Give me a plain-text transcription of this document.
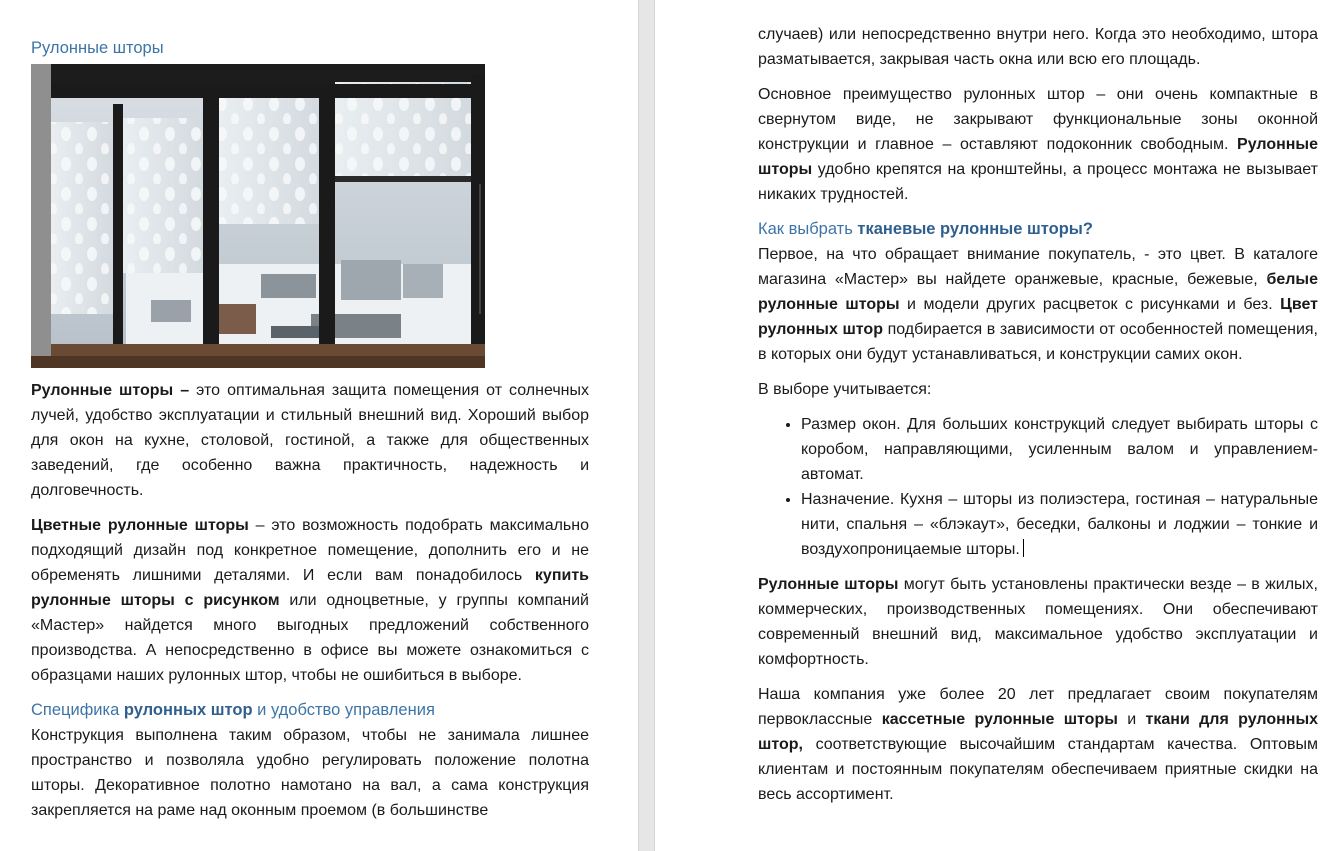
Рулонные шторы

Рулонные шторы – это оптимальная защита помещения от солнечных лучей, удобство эксплуатации и стильный внешний вид. Хороший выбор для окон на кухне, столовой, гостиной, а также для общественных заведений, где особенно важна практичность, надежность и долговечность.

Цветные рулонные шторы – это возможность подобрать максимально подходящий дизайн под конкретное помещение, дополнить его и не обременять лишними деталями. И если вам понадобилось купить рулонные шторы с рисунком или одноцветные, у группы компаний «Мастер» найдется много выгодных предложений собственного производства. А непосредственно в офисе вы можете ознакомиться с образцами наших рулонных штор, чтобы не ошибиться в выборе.

Специфика рулонных штор и удобство управления

Конструкция выполнена таким образом, чтобы не занимала лишнее пространство и позволяла удобно регулировать положение полотна шторы. Декоративное полотно намотано на вал, а сама конструкция закрепляется на раме над оконным проемом (в большинстве

случаев) или непосредственно внутри него. Когда это необходимо, штора разматывается, закрывая часть окна или всю его площадь.

Основное преимущество рулонных штор – они очень компактные в свернутом виде, не закрывают функциональные зоны оконной конструкции и главное – оставляют подоконник свободным. Рулонные шторы удобно крепятся на кронштейны, а процесс монтажа не вызывает никаких трудностей.

Как выбрать тканевые рулонные шторы?

Первое, на что обращает внимание покупатель, - это цвет. В каталоге магазина «Мастер» вы найдете оранжевые, красные, бежевые, белые рулонные шторы и модели других расцветок с рисунками и без. Цвет рулонных штор подбирается в зависимости от особенностей помещения, в которых они будут устанавливаться, и конструкции самих окон.

В выборе учитывается:

• Размер окон. Для больших конструкций следует выбирать шторы с коробом, направляющими, усиленным валом и управлением-автомат.
• Назначение. Кухня – шторы из полиэстера, гостиная – натуральные нити, спальня – «блэкаут», беседки, балконы и лоджии – тонкие и воздухопроницаемые шторы.

Рулонные шторы могут быть установлены практически везде – в жилых, коммерческих, производственных помещениях. Они обеспечивают современный внешний вид, максимальное удобство эксплуатации и комфортность.

Наша компания уже более 20 лет предлагает своим покупателям первоклассные кассетные рулонные шторы и ткани для рулонных штор, соответствующие высочайшим стандартам качества. Оптовым клиентам и постоянным покупателям обеспечиваем приятные скидки на весь ассортимент.
